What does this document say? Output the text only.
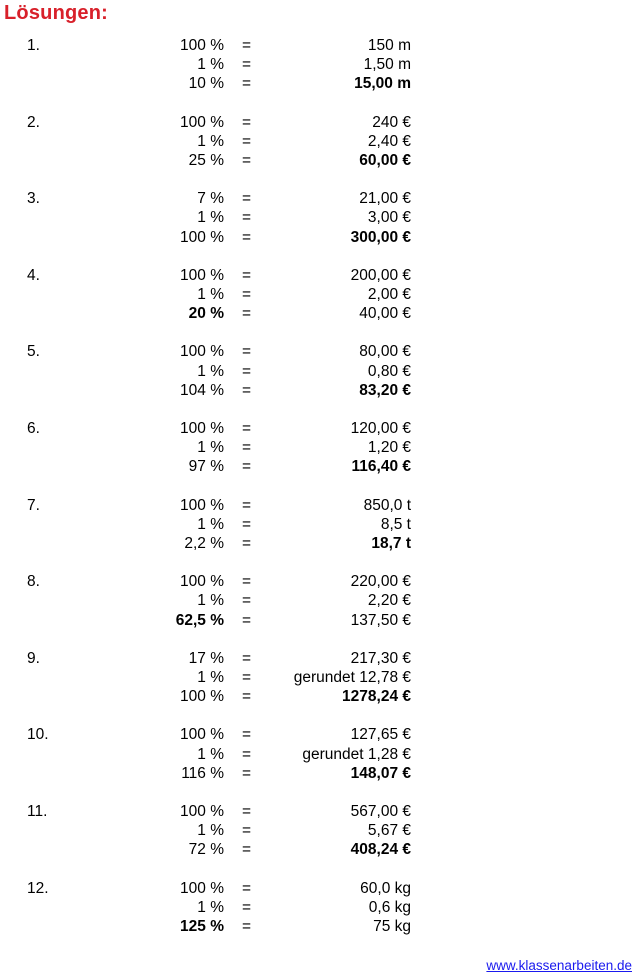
Lösungen:
1.	100 % =	150 m
1 % =	1,50 m
10 % =	15,00 m
2.	100 % =	240 €
1 % =	2,40 €
25 % =	60,00 €
3.	7 % =	21,00 €
1 % =	3,00 €
100 % =	300,00 €
4.	100 % =	200,00 €
1 % =	2,00 €
20 % =	40,00 €
5.	100 % =	80,00 €
1 % =	0,80 €
104 % =	83,20 €
6.	100 % =	120,00 €
1 % =	1,20 €
97 % =	116,40 €
7.	100 % =	850,0 t
1 % =	8,5 t
2,2 % =	18,7 t
8.	100 % =	220,00 €
1 % =	2,20 €
62,5 % =	137,50 €
9.	17 % =	217,30 €
1 % =	gerundet 12,78 €
100 % =	1278,24 €
10.	100 % =	127,65 €
1 % =	gerundet 1,28 €
116 % =	148,07 €
11.	100 % =	567,00 €
1 % =	5,67 €
72 % =	408,24 €
12.	100 % =	60,0 kg
1 % =	0,6 kg
125 % =	75 kg
www.klassenarbeiten.de
